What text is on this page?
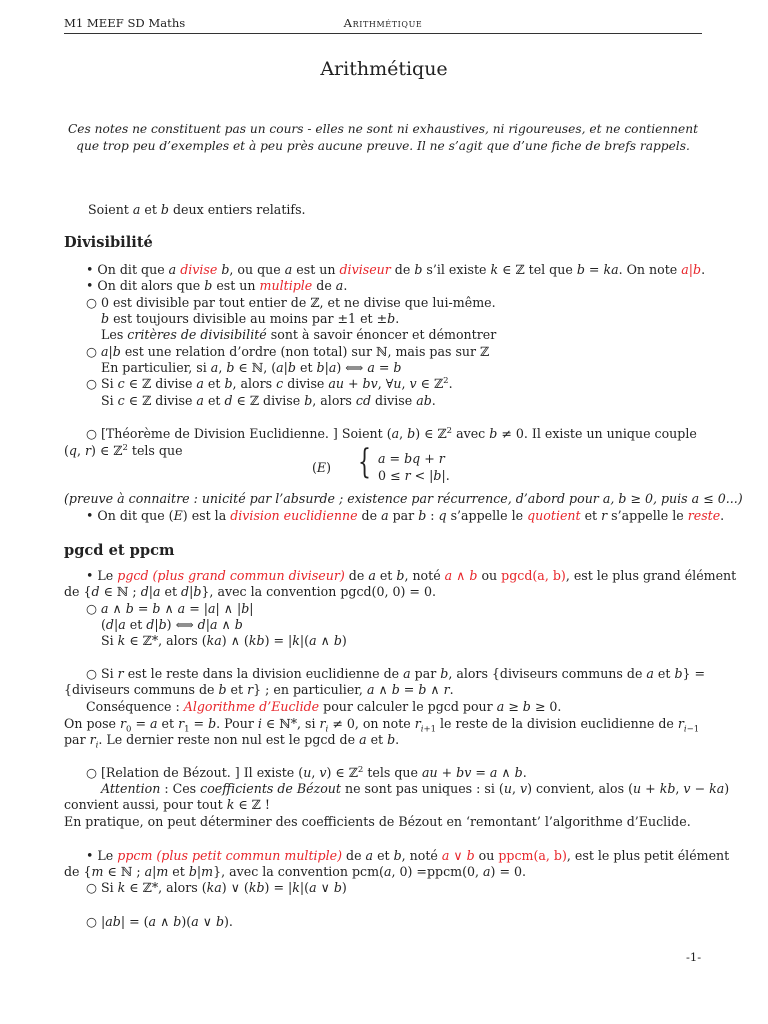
M1 MEEF SD Maths	Arithmétique
Arithmétique
Ces notes ne constituent pas un cours - elles ne sont ni exhaustives, ni rigoureuses, et ne contiennent
que trop peu d’exemples et à peu près aucune preuve. Il ne s’agit que d’une fiche de brefs rappels.
Soient a et b deux entiers relatifs.
Divisibilité
• On dit que a divise b, ou que a est un diviseur de b s’il existe k ∈ ℤ tel que b = ka. On note a|b.
• On dit alors que b est un multiple de a.
○ 0 est divisible par tout entier de ℤ, et ne divise que lui-même.
b est toujours divisible au moins par ±1 et ±b.
Les critères de divisibilité sont à savoir énoncer et démontrer
○ a|b est une relation d’ordre (non total) sur ℕ, mais pas sur ℤ
En particulier, si a, b ∈ ℕ, (a|b et b|a) ⟺ a = b
○ Si c ∈ ℤ divise a et b, alors c divise au + bv, ∀u, v ∈ ℤ$^2$.
Si c ∈ ℤ divise a et d ∈ ℤ divise b, alors cd divise ab.
○ [Théorème de Division Euclidienne. ] Soient (a, b) ∈ ℤ$^2$ avec b ≠ 0. Il existe un unique couple
(q, r) ∈ ℤ$^2$ tels que
(E) { a = bq + r
0 ≤ r < |b|.
(preuve à connaitre : unicité par l’absurde ; existence par récurrence, d’abord pour a, b ≥ 0, puis a ≤ 0...)
• On dit que (E) est la division euclidienne de a par b : q s’appelle le quotient et r s’appelle le reste.
pgcd et ppcm
• Le pgcd (plus grand commun diviseur) de a et b, noté a ∧ b ou pgcd(a, b), est le plus grand élément
de {d ∈ ℕ ; d|a et d|b}, avec la convention pgcd(0, 0) = 0.
○ a ∧ b = b ∧ a = |a| ∧ |b|
(d|a et d|b) ⟺ d|a ∧ b
Si k ∈ ℤ*, alors (ka) ∧ (kb) = |k|(a ∧ b)
○ Si r est le reste dans la division euclidienne de a par b, alors {diviseurs communs de a et b} =
{diviseurs communs de b et r} ; en particulier, a ∧ b = b ∧ r.
Conséquence : Algorithme d’Euclide pour calculer le pgcd pour a ≥ b ≥ 0.
On pose $r_0 = a$ et $r_1 = b$. Pour i ∈ ℕ*, si $r_i \ne 0$, on note $r_{i+1}$ le reste de la division euclidienne de $r_{i-1}$
par $r_i$. Le dernier reste non nul est le pgcd de a et b.
○ [Relation de Bézout. ] Il existe (u, v) ∈ ℤ$^2$ tels que au + bv = a ∧ b.
Attention : Ces coefficients de Bézout ne sont pas uniques : si (u, v) convient, alos (u + kb, v − ka)
convient aussi, pour tout k ∈ ℤ !
En pratique, on peut déterminer des coefficients de Bézout en ‘remontant’ l’algorithme d’Euclide.
• Le ppcm (plus petit commun multiple) de a et b, noté a ∨ b ou ppcm(a, b), est le plus petit élément
de {m ∈ ℕ ; a|m et b|m}, avec la convention pcm(a, 0) =ppcm(0, a) = 0.
○ Si k ∈ ℤ*, alors (ka) ∨ (kb) = |k|(a ∨ b)
○ |ab| = (a ∧ b)(a ∨ b).
-1-
